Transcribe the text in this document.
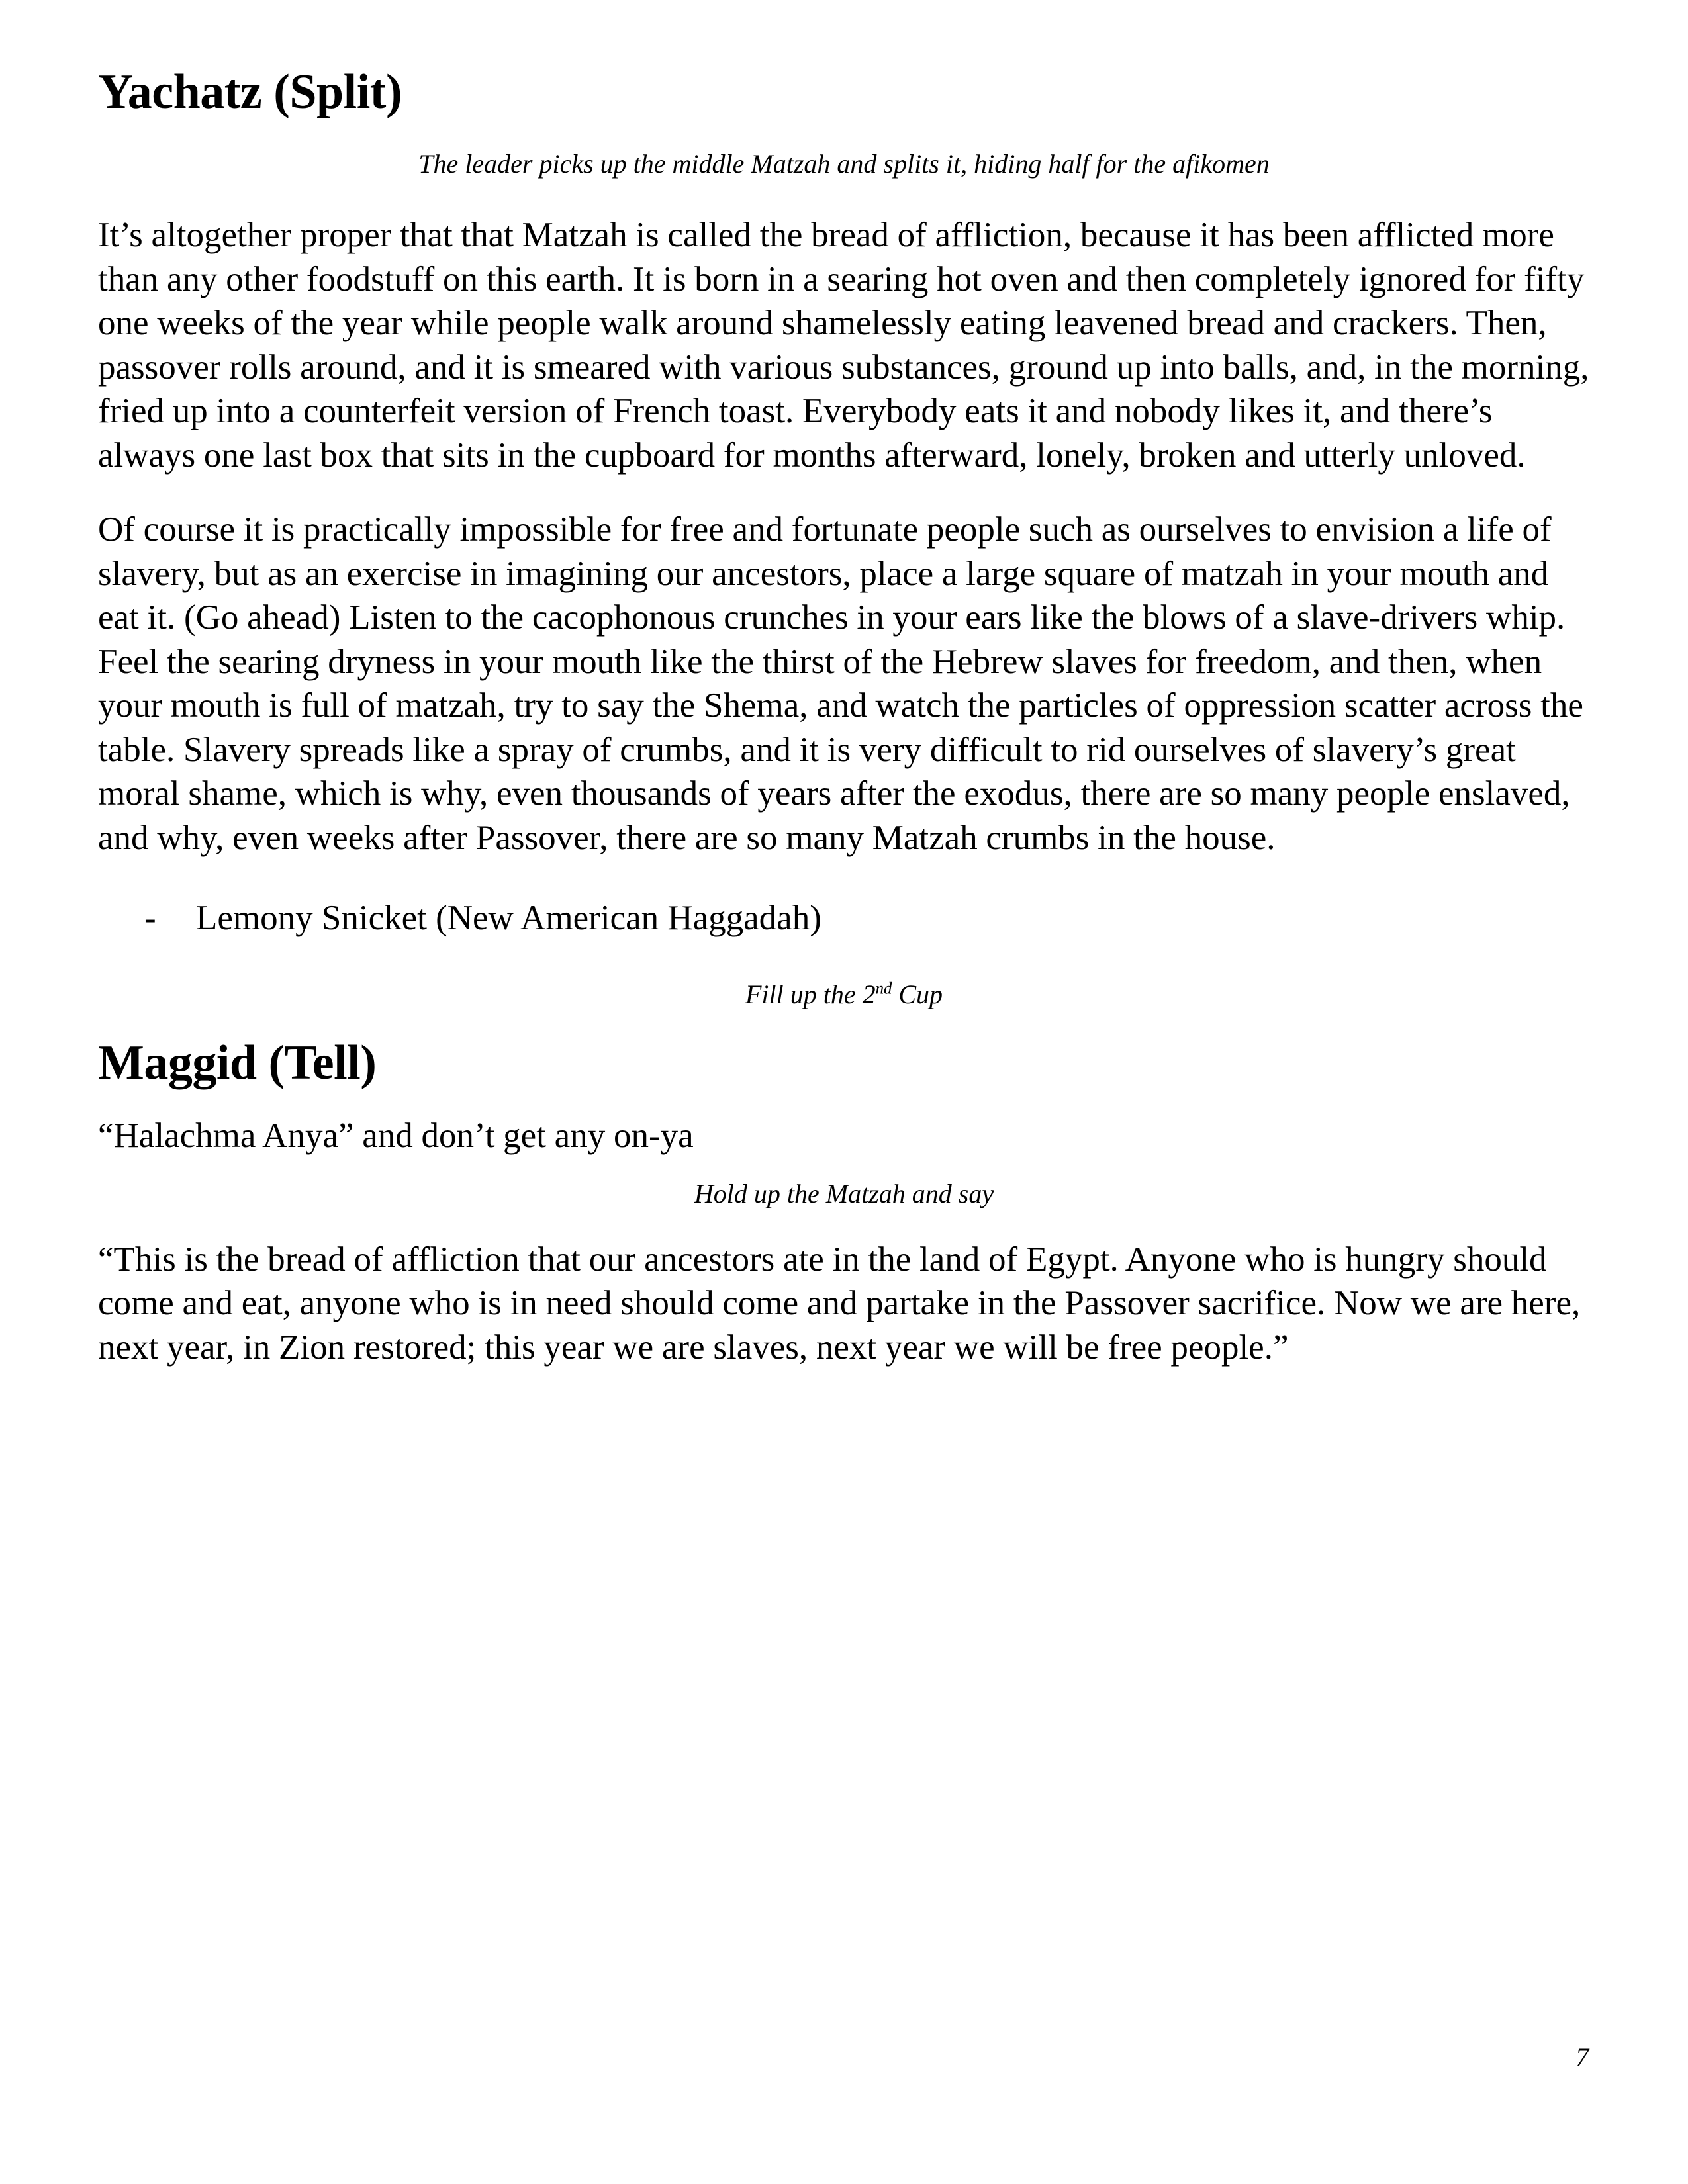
Yachatz (Split)
The leader picks up the middle Matzah and splits it, hiding half for the afikomen

It’s altogether proper that that Matzah is called the bread of affliction, because it has been afflicted more than any other foodstuff on this earth. It is born in a searing hot oven and then completely ignored for fifty one weeks of the year while people walk around shamelessly eating leavened bread and crackers. Then, passover rolls around, and it is smeared with various substances, ground up into balls, and, in the morning, fried up into a counterfeit version of French toast. Everybody eats it and nobody likes it, and there’s always one last box that sits in the cupboard for months afterward, lonely, broken and utterly unloved.

Of course it is practically impossible for free and fortunate people such as ourselves to envision a life of slavery, but as an exercise in imagining our ancestors, place a large square of matzah in your mouth and eat it. (Go ahead) Listen to the cacophonous crunches in your ears like the blows of a slave-drivers whip. Feel the searing dryness in your mouth like the thirst of the Hebrew slaves for freedom, and then, when your mouth is full of matzah, try to say the Shema, and watch the particles of oppression scatter across the table. Slavery spreads like a spray of crumbs, and it is very difficult to rid ourselves of slavery’s great moral shame, which is why, even thousands of years after the exodus, there are so many people enslaved, and why, even weeks after Passover, there are so many Matzah crumbs in the house.

-	Lemony Snicket (New American Haggadah)
Fill up the 2nd Cup
Maggid (Tell)

“Halachma Anya” and don’t get any on-ya

Hold up the Matzah and say

“This is the bread of affliction that our ancestors ate in the land of Egypt. Anyone who is hungry should come and eat, anyone who is in need should come and partake in the Passover sacrifice. Now we are here, next year, in Zion restored; this year we are slaves, next year we will be free people.”

7
